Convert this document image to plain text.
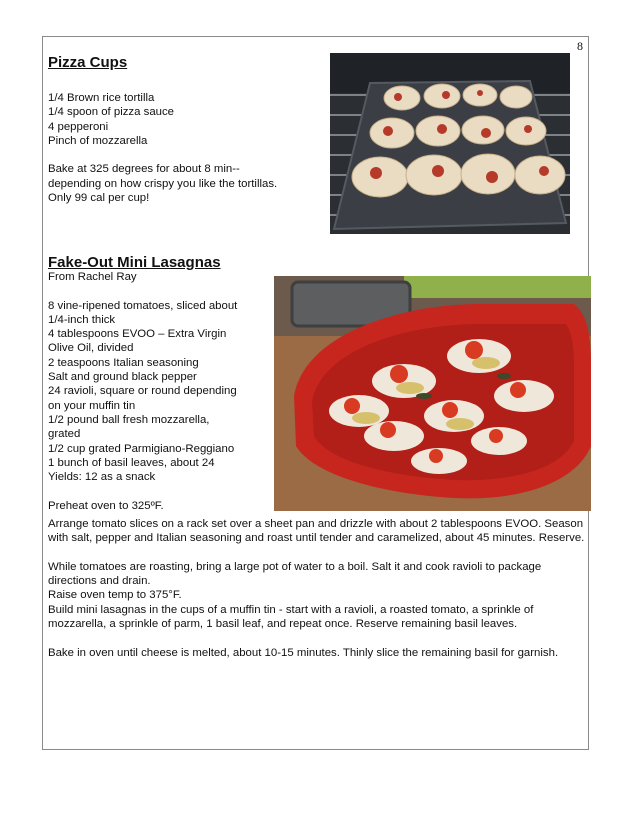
8
Pizza Cups
1/4 Brown rice tortilla
1/4 spoon of pizza sauce
4 pepperoni
Pinch of mozzarella
Bake at 325 degrees for about 8 min--
depending on how crispy you like the tortillas.
Only 99 cal per cup!
Fake-Out Mini Lasagnas
From Rachel Ray
8 vine-ripened tomatoes, sliced about
1/4-inch thick
4 tablespoons EVOO – Extra Virgin
Olive Oil, divided
2 teaspoons Italian seasoning
Salt and ground black pepper
24 ravioli, square or round depending
on your muffin tin
1/2 pound ball fresh mozzarella,
grated
1/2 cup grated Parmigiano-Reggiano
1 bunch of basil leaves, about 24
Yields: 12 as a snack
Preheat oven to 325ºF.
Arrange tomato slices on a rack set over a sheet pan and drizzle with about 2 tablespoons EVOO. Season with salt, pepper and Italian seasoning and roast until tender and caramelized, about 45 minutes. Reserve.
While tomatoes are roasting, bring a large pot of water to a boil. Salt it and cook ravioli to package directions and drain.
Raise oven temp to 375°F.
Build mini lasagnas in the cups of a muffin tin - start with a ravioli, a roasted tomato, a sprinkle of mozzarella, a sprinkle of parm, 1 basil leaf, and repeat once. Reserve remaining basil leaves.
Bake in oven until cheese is melted, about 10-15 minutes. Thinly slice the remaining basil for garnish.
